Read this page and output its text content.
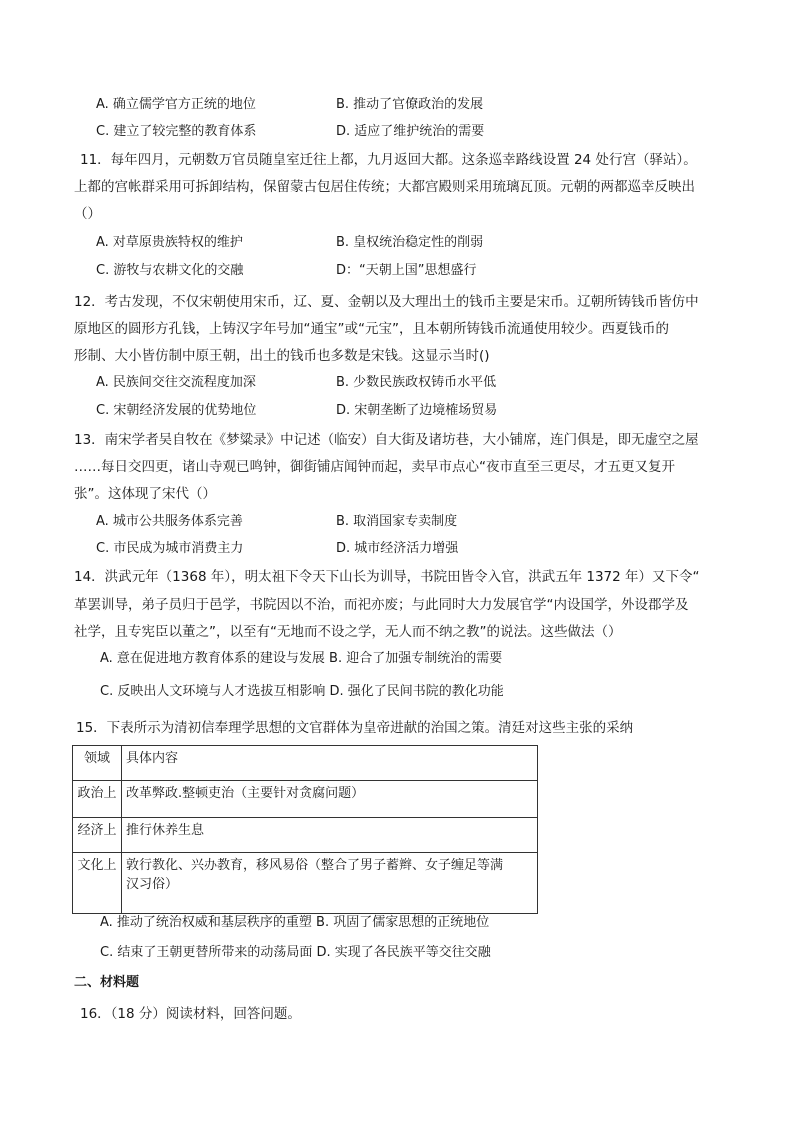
A. 确立儒学官方正统的地位	B. 推动了官僚政治的发展
C. 建立了较完整的教育体系	D. 适应了维护统治的需要
11．每年四月，元朝数万官员随皇室迁往上都，九月返回大都。这条巡幸路线设置 24 处行宫（驿站）。
上都的宫帐群采用可拆卸结构，保留蒙古包居住传统；大都宫殿则采用琉璃瓦顶。元朝的两都巡幸反映出
（）
A. 对草原贵族特权的维护	B. 皇权统治稳定性的削弱
C. 游牧与农耕文化的交融	D：“天朝上国”思想盛行
12．考古发现，不仅宋朝使用宋币，辽、夏、金朝以及大理出土的钱币主要是宋币。辽朝所铸钱币皆仿中
原地区的圆形方孔钱，上铸汉字年号加“通宝”或“元宝”，且本朝所铸钱币流通使用较少。西夏钱币的
形制、大小皆仿制中原王朝，出土的钱币也多数是宋钱。这显示当时()
A. 民族间交往交流程度加深	B. 少数民族政权铸币水平低
C. 宋朝经济发展的优势地位	D. 宋朝垄断了边境榷场贸易
13．南宋学者吴自牧在《梦粱录》中记述（临安）自大街及诸坊巷，大小铺席，连门俱是，即无虚空之屋
……每日交四更，诸山寺观已鸣钟，御街铺店闻钟而起，卖早市点心“夜市直至三更尽，才五更又复开
张”。这体现了宋代（）
A. 城市公共服务体系完善	B. 取消国家专卖制度
C. 市民成为城市消费主力	D. 城市经济活力增强
14．洪武元年（1368 年），明太祖下令天下山长为训导，书院田皆令入官，洪武五年 1372 年）又下令“
革罢训导，弟子员归于邑学，书院因以不治，而祀亦废；与此同时大力发展官学“内设国学，外设郡学及
社学，且专宪臣以董之”，以至有“无地而不设之学，无人而不纳之教”的说法。这些做法（）
A. 意在促进地方教育体系的建设与发展 B. 迎合了加强专制统治的需要
C. 反映出人文环境与人才选拔互相影响 D. 强化了民间书院的教化功能
15．下表所示为清初信奉理学思想的文官群体为皇帝进献的治国之策。清廷对这些主张的采纳
领域	具体内容
政治上	改革弊政.整顿吏治（主要针对贪腐问题）
经济上	推行休养生息
文化上	敦行教化、兴办教育，移风易俗（整合了男子蓄辫、女子缠足等满
汉习俗）
A. 推动了统治权威和基层秩序的重塑 B. 巩固了儒家思想的正统地位
C. 结束了王朝更替所带来的动荡局面 D. 实现了各民族平等交往交融
二、材料题
16．（18 分）阅读材料，回答问题。
